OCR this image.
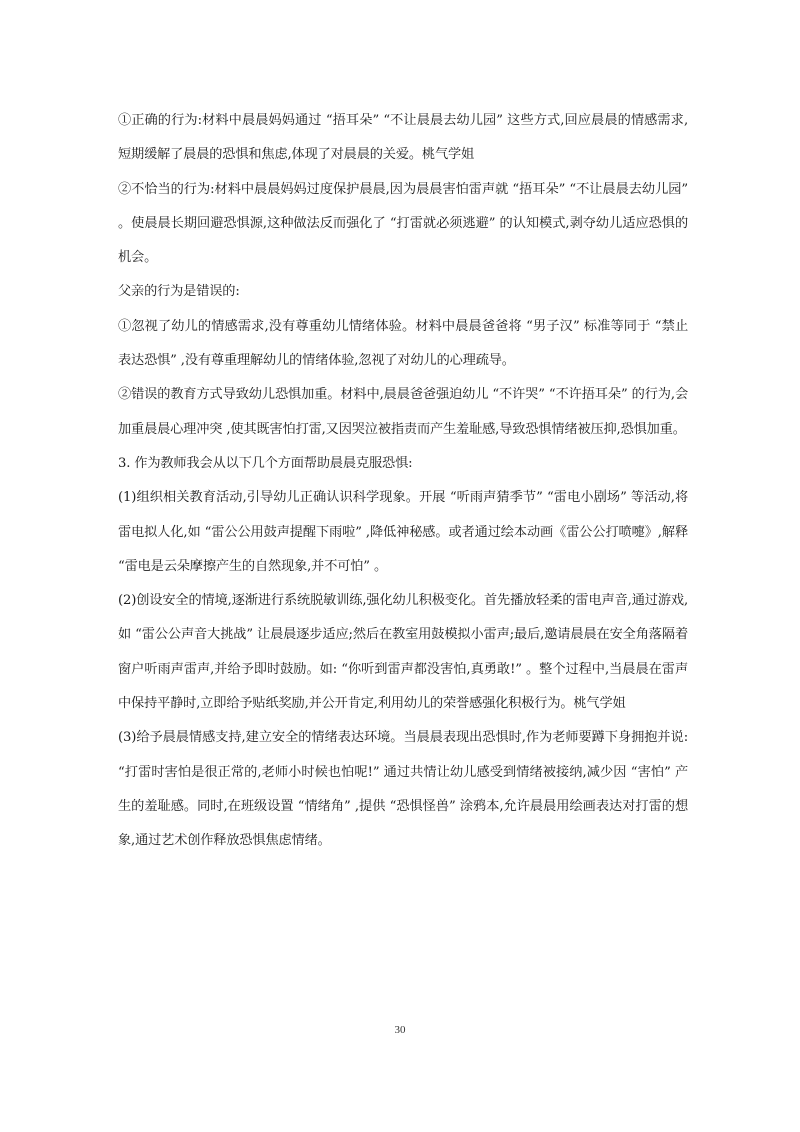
①正确的行为:材料中晨晨妈妈通过 “捂耳朵” “不让晨晨去幼儿园” 这些方式,回应晨晨的情感需求,短期缓解了晨晨的恐惧和焦虑,体现了对晨晨的关爱。桃气学姐

②不恰当的行为:材料中晨晨妈妈过度保护晨晨,因为晨晨害怕雷声就 “捂耳朵” “不让晨晨去幼儿园” 。使晨晨长期回避恐惧源,这种做法反而强化了 “打雷就必须逃避” 的认知模式,剥夺幼儿适应恐惧的机会。

父亲的行为是错误的:

①忽视了幼儿的情感需求,没有尊重幼儿情绪体验。材料中晨晨爸爸将 “男子汉” 标准等同于 “禁止表达恐惧” ,没有尊重理解幼儿的情绪体验,忽视了对幼儿的心理疏导。

②错误的教育方式导致幼儿恐惧加重。材料中,晨晨爸爸强迫幼儿 “不许哭” “不许捂耳朵” 的行为,会加重晨晨心理冲突 ,使其既害怕打雷,又因哭泣被指责而产生羞耻感,导致恐惧情绪被压抑,恐惧加重。

3. 作为教师我会从以下几个方面帮助晨晨克服恐惧:

(1)组织相关教育活动,引导幼儿正确认识科学现象。开展 “听雨声猜季节” “雷电小剧场” 等活动,将雷电拟人化,如 “雷公公用鼓声提醒下雨啦” ,降低神秘感。或者通过绘本动画《雷公公打喷嚏》,解释 “雷电是云朵摩擦产生的自然现象,并不可怕” 。

(2)创设安全的情境,逐渐进行系统脱敏训练,强化幼儿积极变化。首先播放轻柔的雷电声音,通过游戏,如 “雷公公声音大挑战” 让晨晨逐步适应;然后在教室用鼓模拟小雷声;最后,邀请晨晨在安全角落隔着窗户听雨声雷声,并给予即时鼓励。如: “你听到雷声都没害怕,真勇敢!” 。整个过程中,当晨晨在雷声中保持平静时,立即给予贴纸奖励,并公开肯定,利用幼儿的荣誉感强化积极行为。桃气学姐

(3)给予晨晨情感支持,建立安全的情绪表达环境。当晨晨表现出恐惧时,作为老师要蹲下身拥抱并说: “打雷时害怕是很正常的,老师小时候也怕呢!” 通过共情让幼儿感受到情绪被接纳,减少因 “害怕” 产生的羞耻感。同时,在班级设置 “情绪角” ,提供 “恐惧怪兽” 涂鸦本,允许晨晨用绘画表达对打雷的想象,通过艺术创作释放恐惧焦虑情绪。

30
